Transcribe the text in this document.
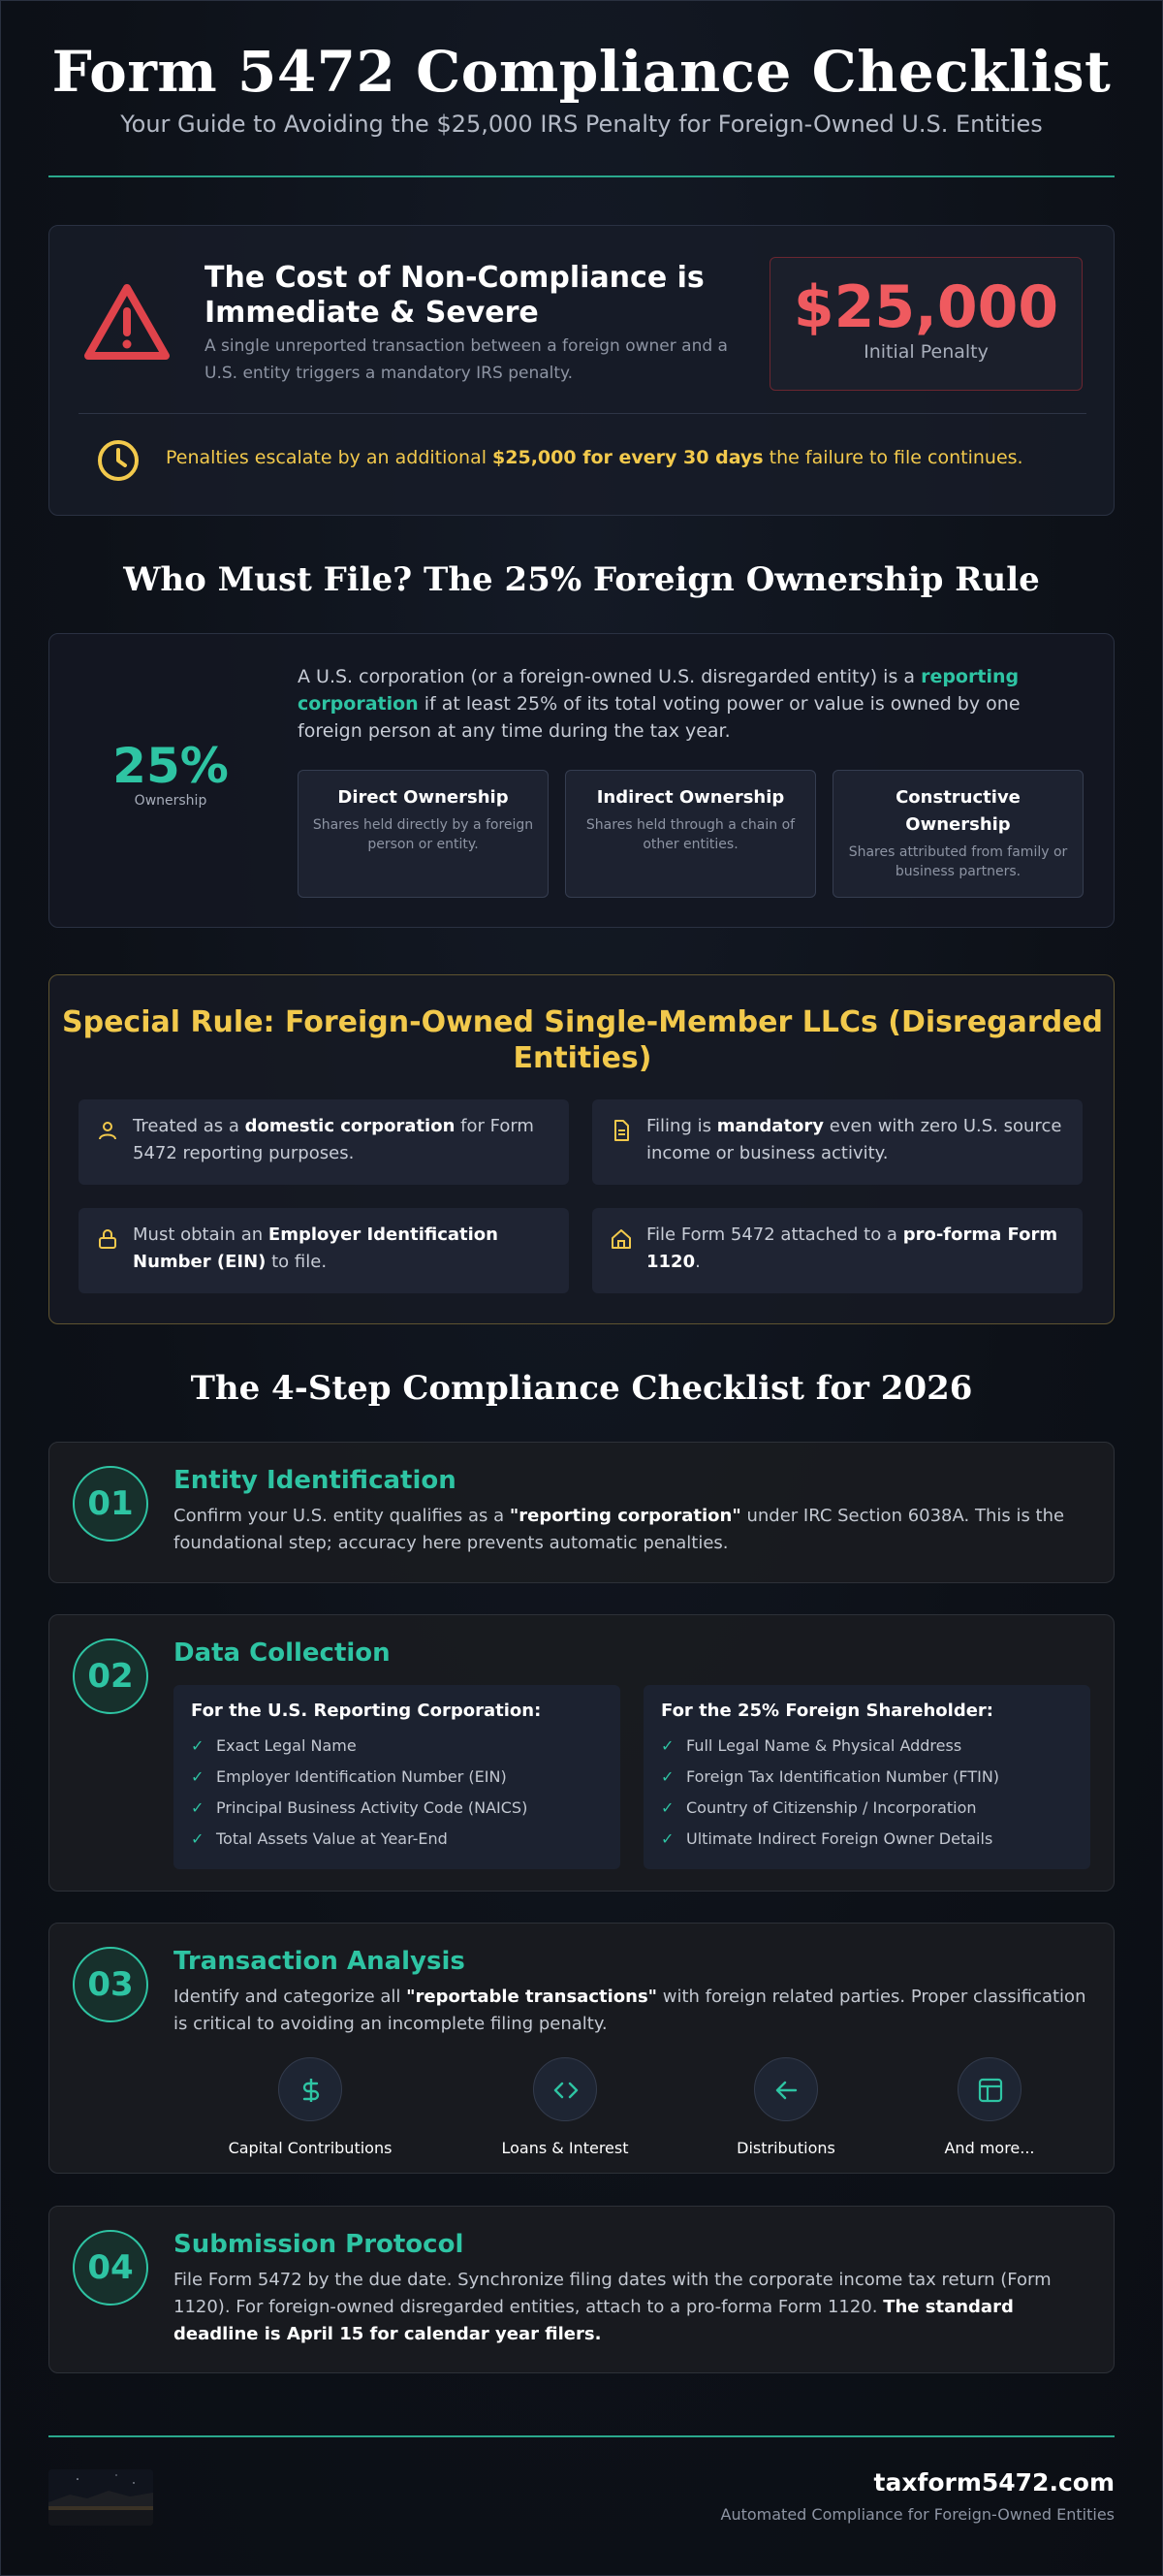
Form 5472 Compliance Checklist
Your Guide to Avoiding the $25,000 IRS Penalty for Foreign-Owned U.S. Entities
The Cost of Non-Compliance is Immediate & Severe
A single unreported transaction between a foreign owner and a U.S. entity triggers a mandatory IRS penalty.
$25,000
Initial Penalty
Penalties escalate by an additional $25,000 for every 30 days the failure to file continues.
Who Must File? The 25% Foreign Ownership Rule
25%
Ownership
A U.S. corporation (or a foreign-owned U.S. disregarded entity) is a reporting corporation if at least 25% of its total voting power or value is owned by one foreign person at any time during the tax year.
Direct Ownership
Shares held directly by a foreign person or entity.
Indirect Ownership
Shares held through a chain of other entities.
Constructive Ownership
Shares attributed from family or business partners.
Special Rule: Foreign-Owned Single-Member LLCs (Disregarded Entities)
Treated as a domestic corporation for Form 5472 reporting purposes.
Filing is mandatory even with zero U.S. source income or business activity.
Must obtain an Employer Identification Number (EIN) to file.
File Form 5472 attached to a pro-forma Form 1120.
The 4-Step Compliance Checklist for 2026
01
Entity Identification
Confirm your U.S. entity qualifies as a "reporting corporation" under IRC Section 6038A. This is the foundational step; accuracy here prevents automatic penalties.
02
Data Collection
For the U.S. Reporting Corporation:
✓ Exact Legal Name
✓ Employer Identification Number (EIN)
✓ Principal Business Activity Code (NAICS)
✓ Total Assets Value at Year-End
For the 25% Foreign Shareholder:
✓ Full Legal Name & Physical Address
✓ Foreign Tax Identification Number (FTIN)
✓ Country of Citizenship / Incorporation
✓ Ultimate Indirect Foreign Owner Details
03
Transaction Analysis
Identify and categorize all "reportable transactions" with foreign related parties. Proper classification is critical to avoiding an incomplete filing penalty.
Capital Contributions	Loans & Interest	Distributions	And more...
04
Submission Protocol
File Form 5472 by the due date. Synchronize filing dates with the corporate income tax return (Form 1120). For foreign-owned disregarded entities, attach to a pro-forma Form 1120. The standard deadline is April 15 for calendar year filers.
taxform5472.com
Automated Compliance for Foreign-Owned Entities
